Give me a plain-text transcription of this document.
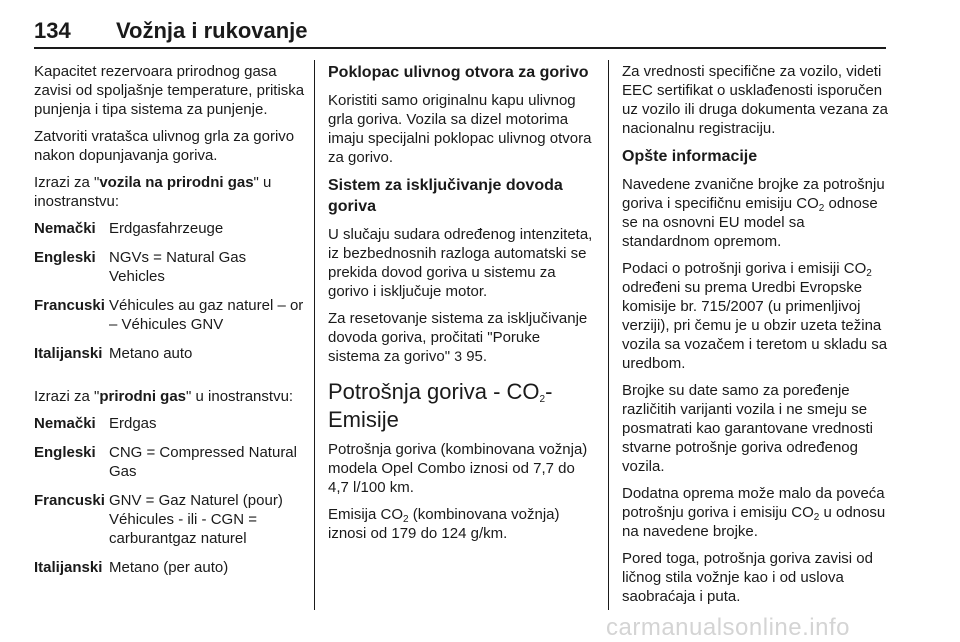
134 Vožnja i rukovanje

Kapacitet rezervoara prirodnog gasa zavisi od spoljašnje temperature, pritiska punjenja i tipa sistema za punjenje.

Zatvoriti vratašca ulivnog grla za gorivo nakon dopunjavanja goriva.

Izrazi za "vozila na prirodni gas" u inostranstvu:

Nemački Erdgasfahrzeuge
Engleski NGVs = Natural Gas Vehicles
Francuski Véhicules au gaz naturel – or – Véhicules GNV
Italijanski Metano auto

Izrazi za "prirodni gas" u inostranstvu:

Nemački Erdgas
Engleski CNG = Compressed Natural Gas
Francuski GNV = Gaz Naturel (pour) Véhicules - ili - CGN = carburantgaz naturel
Italijanski Metano (per auto)

Poklopac ulivnog otvora za gorivo

Koristiti samo originalnu kapu ulivnog grla goriva. Vozila sa dizel motorima imaju specijalni poklopac ulivnog otvora za gorivo.

Sistem za isključivanje dovoda goriva

U slučaju sudara određenog intenziteta, iz bezbednosnih razloga automatski se prekida dovod goriva u sistemu za gorivo i isključuje motor.

Za resetovanje sistema za isključivanje dovoda goriva, pročitati "Poruke sistema za gorivo" 3 95.

Potrošnja goriva - $CO_2$-Emisije

Potrošnja goriva (kombinovana vožnja) modela Opel Combo iznosi od 7,7 do 4,7 l/100 km.

Emisija $CO_2$ (kombinovana vožnja) iznosi od 179 do 124 g/km.

Za vrednosti specifične za vozilo, videti EEC sertifikat o usklađenosti isporučen uz vozilo ili druga dokumenta vezana za nacionalnu registraciju.

Opšte informacije

Navedene zvanične brojke za potrošnju goriva i specifičnu emisiju $CO_2$ odnose se na osnovni EU model sa standardnom opremom.

Podaci o potrošnji goriva i emisiji $CO_2$ određeni su prema Uredbi Evropske komisije br. 715/2007 (u primenljivoj verziji), pri čemu je u obzir uzeta težina vozila sa vozačem i teretom u skladu sa uredbom.

Brojke su date samo za poređenje različitih varijanti vozila i ne smeju se posmatrati kao garantovane vrednosti stvarne potrošnje goriva određenog vozila.

Dodatna oprema može malo da poveća potrošnju goriva i emisiju $CO_2$ u odnosu na navedene brojke.

Pored toga, potrošnja goriva zavisi od ličnog stila vožnje kao i od uslova saobraćaja i puta.

carmanualsonline.info
